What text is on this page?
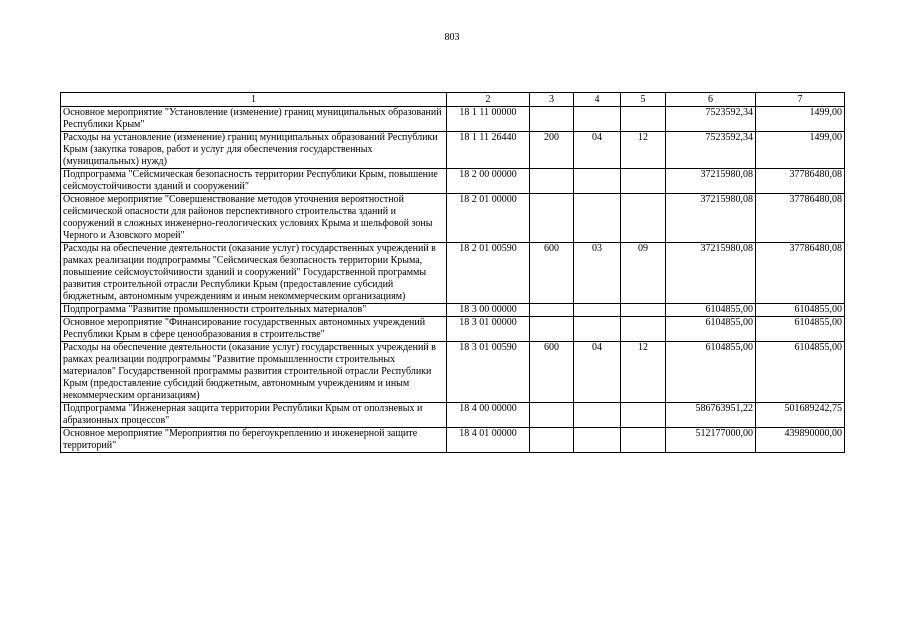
803
1	2	3	4	5	6	7
Основное мероприятие "Установление (изменение) границ муниципальных образований Республики Крым"	18 1 11 00000				7523592,34	1499,00
Расходы на установление (изменение) границ муниципальных образований Республики Крым (закупка товаров, работ и услуг для обеспечения государственных (муниципальных) нужд)	18 1 11 26440	200	04	12	7523592,34	1499,00
Подпрограмма "Сейсмическая безопасность территории Республики Крым, повышение сейсмоустойчивости зданий и сооружений"	18 2 00 00000				37215980,08	37786480,08
Основное мероприятие "Совершенствование методов уточнения вероятностной сейсмической опасности для районов перспективного строительства зданий и сооружений в сложных инженерно-геологических условиях Крыма и шельфовой зоны Черного и Азовского морей"	18 2 01 00000				37215980,08	37786480,08
Расходы на обеспечение деятельности (оказание услуг) государственных учреждений в рамках реализации подпрограммы "Сейсмическая безопасность территории Крыма, повышение сейсмоустойчивости зданий и сооружений" Государственной программы развития строительной отрасли Республики Крым (предоставление субсидий бюджетным, автономным учреждениям и иным некоммерческим организациям)	18 2 01 00590	600	03	09	37215980,08	37786480,08
Подпрограмма "Развитие промышленности строительных материалов"	18 3 00 00000				6104855,00	6104855,00
Основное мероприятие "Финансирование государственных автономных учреждений Республики Крым в сфере ценообразования в строительстве"	18 3 01 00000				6104855,00	6104855,00
Расходы на обеспечение деятельности (оказание услуг) государственных учреждений в рамках реализации подпрограммы "Развитие промышленности строительных материалов" Государственной программы развития строительной отрасли Республики Крым (предоставление субсидий бюджетным, автономным учреждениям и иным некоммерческим организациям)	18 3 01 00590	600	04	12	6104855,00	6104855,00
Подпрограмма "Инженерная защита территории Республики Крым от оползневых и абразионных процессов"	18 4 00 00000				586763951,22	501689242,75
Основное мероприятие "Мероприятия по берегоукреплению и инженерной защите территорий"	18 4 01 00000				512177000,00	439890000,00
